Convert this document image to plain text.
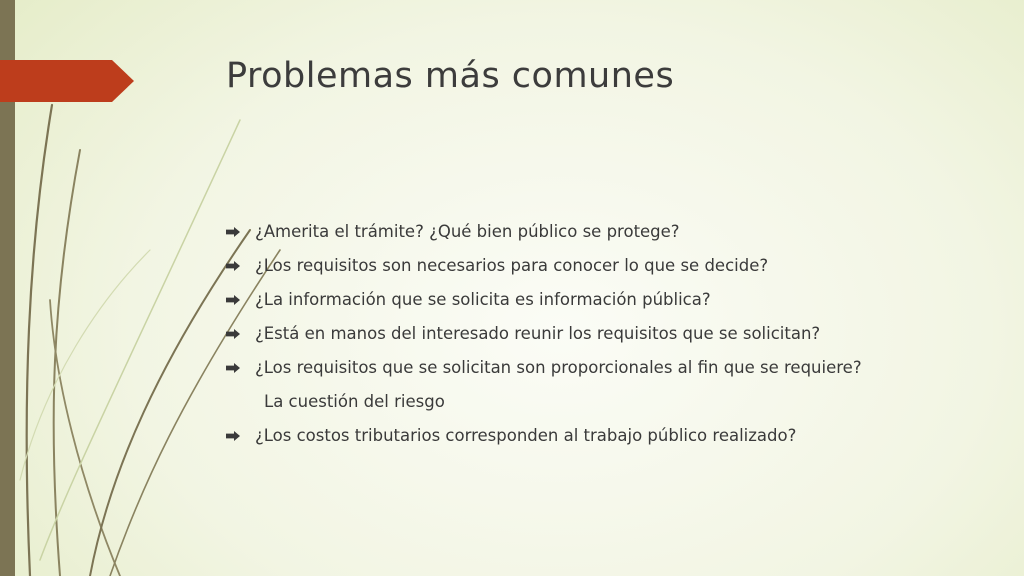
Problemas más comunes
¿Amerita el trámite? ¿Qué bien público se protege?
¿Los requisitos son necesarios para conocer lo que se decide?
¿La información que se solicita es información pública?
¿Está en manos del interesado reunir los requisitos que se solicitan?
¿Los requisitos que se solicitan son proporcionales al fin que se requiere?
La cuestión del riesgo
¿Los costos tributarios corresponden al trabajo público realizado?
